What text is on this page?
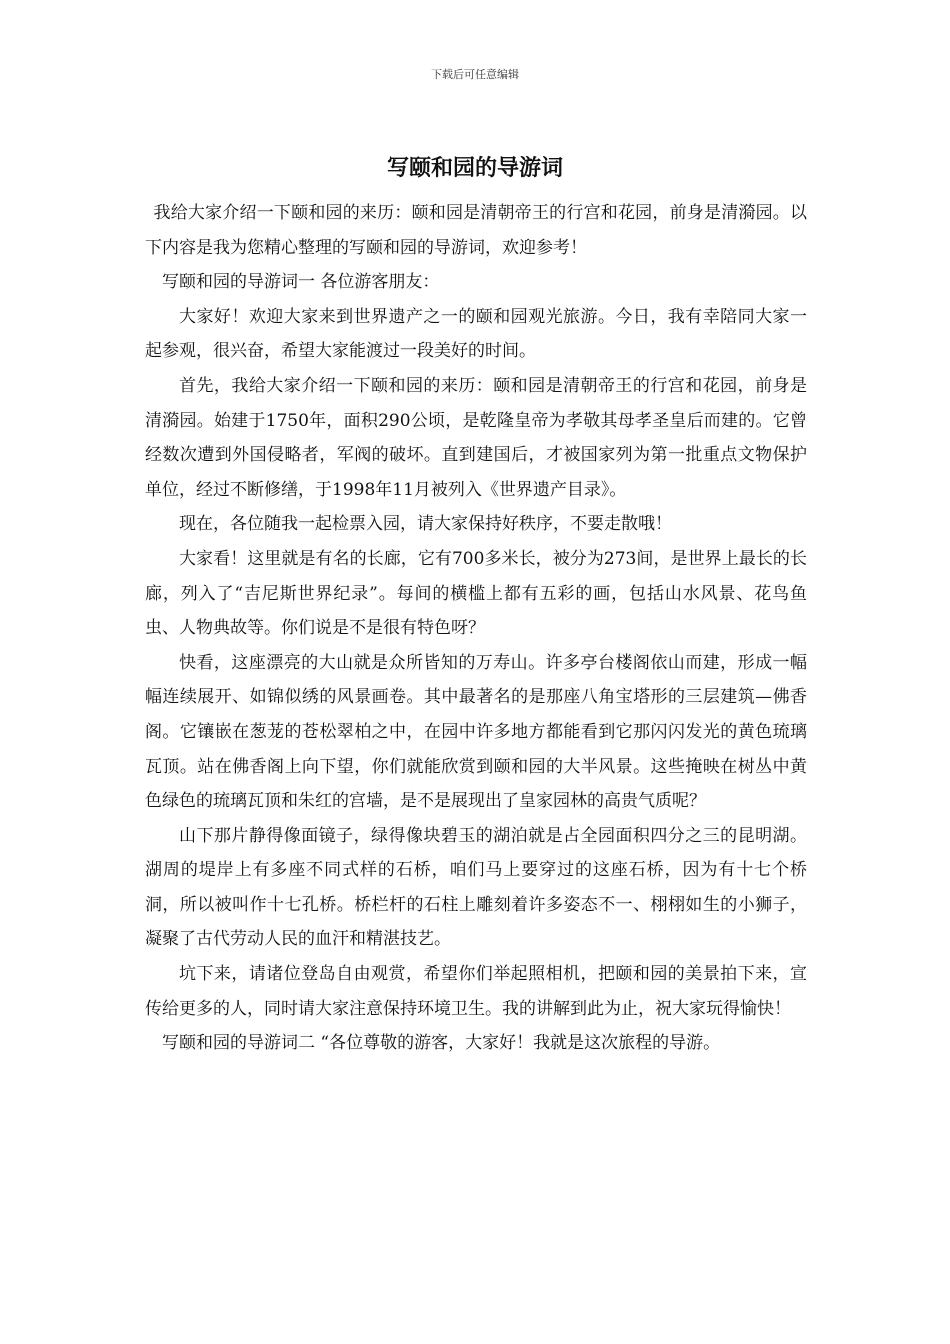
下载后可任意编辑
写颐和园的导游词

我给大家介绍一下颐和园的来历：颐和园是清朝帝王的行宫和花园，前身是清漪园。以下内容是我为您精心整理的写颐和园的导游词，欢迎参考！

写颐和园的导游词一 各位游客朋友：

大家好！欢迎大家来到世界遗产之一的颐和园观光旅游。今日，我有幸陪同大家一起参观，很兴奋，希望大家能渡过一段美好的时间。

首先，我给大家介绍一下颐和园的来历：颐和园是清朝帝王的行宫和花园，前身是清漪园。始建于1750年，面积290公顷，是乾隆皇帝为孝敬其母孝圣皇后而建的。它曾经数次遭到外国侵略者，军阀的破坏。直到建国后，才被国家列为第一批重点文物保护单位，经过不断修缮，于1998年11月被列入《世界遗产目录》。

现在，各位随我一起检票入园，请大家保持好秩序，不要走散哦！

大家看！这里就是有名的长廊，它有700多米长，被分为273间，是世界上最长的长廊，列入了“吉尼斯世界纪录”。每间的横槛上都有五彩的画，包括山水风景、花鸟鱼虫、人物典故等。你们说是不是很有特色呀？

快看，这座漂亮的大山就是众所皆知的万寿山。许多亭台楼阁依山而建，形成一幅幅连续展开、如锦似绣的风景画卷。其中最著名的是那座八角宝塔形的三层建筑—佛香阁。它镶嵌在葱茏的苍松翠柏之中，在园中许多地方都能看到它那闪闪发光的黄色琉璃瓦顶。站在佛香阁上向下望，你们就能欣赏到颐和园的大半风景。这些掩映在树丛中黄色绿色的琉璃瓦顶和朱红的宫墙，是不是展现出了皇家园林的高贵气质呢？

山下那片静得像面镜子，绿得像块碧玉的湖泊就是占全园面积四分之三的昆明湖。湖周的堤岸上有多座不同式样的石桥，咱们马上要穿过的这座石桥，因为有十七个桥洞，所以被叫作十七孔桥。桥栏杆的石柱上雕刻着许多姿态不一、栩栩如生的小狮子，凝聚了古代劳动人民的血汗和精湛技艺。

坑下来，请诸位登岛自由观赏，希望你们举起照相机，把颐和园的美景拍下来，宣传给更多的人，同时请大家注意保持环境卫生。我的讲解到此为止，祝大家玩得愉快！

写颐和园的导游词二 “各位尊敬的游客，大家好！我就是这次旅程的导游。
